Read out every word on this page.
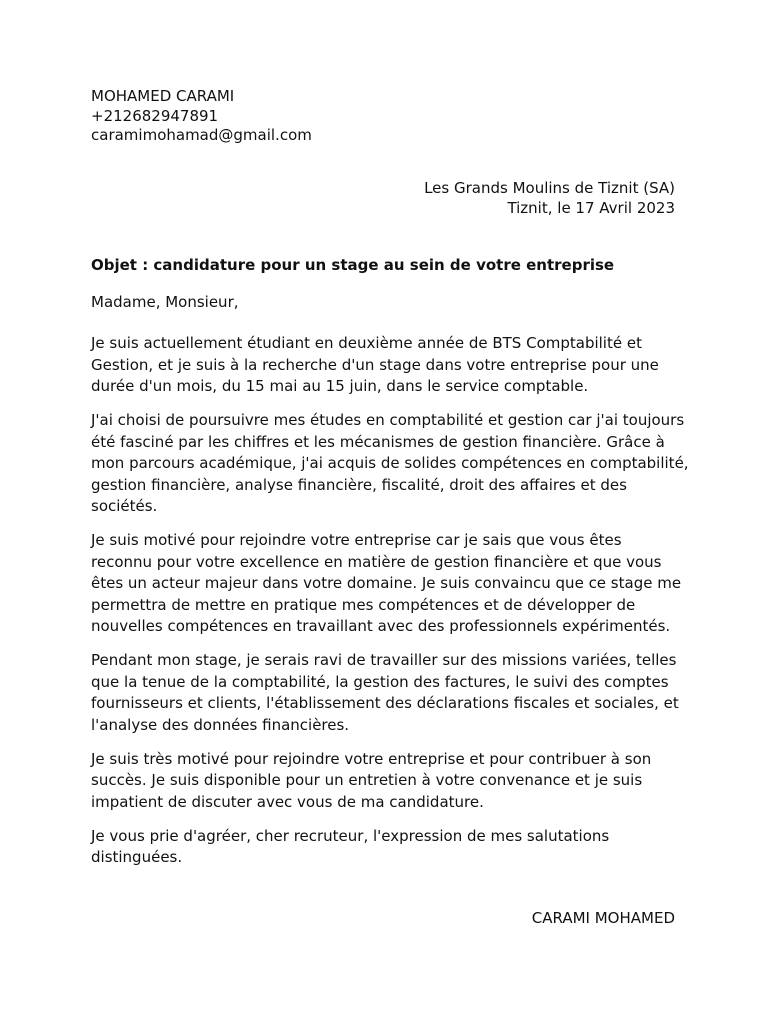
MOHAMED CARAMI
+212682947891
caramimohamad@gmail.com
Les Grands Moulins de Tiznit (SA)
Tiznit, le 17 Avril 2023
Objet : candidature pour un stage au sein de votre entreprise
Madame, Monsieur,

Je suis actuellement étudiant en deuxième année de BTS Comptabilité et
Gestion, et je suis à la recherche d'un stage dans votre entreprise pour une
durée d'un mois, du 15 mai au 15 juin, dans le service comptable.

J'ai choisi de poursuivre mes études en comptabilité et gestion car j'ai toujours
été fasciné par les chiffres et les mécanismes de gestion financière. Grâce à
mon parcours académique, j'ai acquis de solides compétences en comptabilité,
gestion financière, analyse financière, fiscalité, droit des affaires et des
sociétés.

Je suis motivé pour rejoindre votre entreprise car je sais que vous êtes
reconnu pour votre excellence en matière de gestion financière et que vous
êtes un acteur majeur dans votre domaine. Je suis convaincu que ce stage me
permettra de mettre en pratique mes compétences et de développer de
nouvelles compétences en travaillant avec des professionnels expérimentés.

Pendant mon stage, je serais ravi de travailler sur des missions variées, telles
que la tenue de la comptabilité, la gestion des factures, le suivi des comptes
fournisseurs et clients, l'établissement des déclarations fiscales et sociales, et
l'analyse des données financières.

Je suis très motivé pour rejoindre votre entreprise et pour contribuer à son
succès. Je suis disponible pour un entretien à votre convenance et je suis
impatient de discuter avec vous de ma candidature.

Je vous prie d'agréer, cher recruteur, l'expression de mes salutations
distinguées.

CARAMI MOHAMED
